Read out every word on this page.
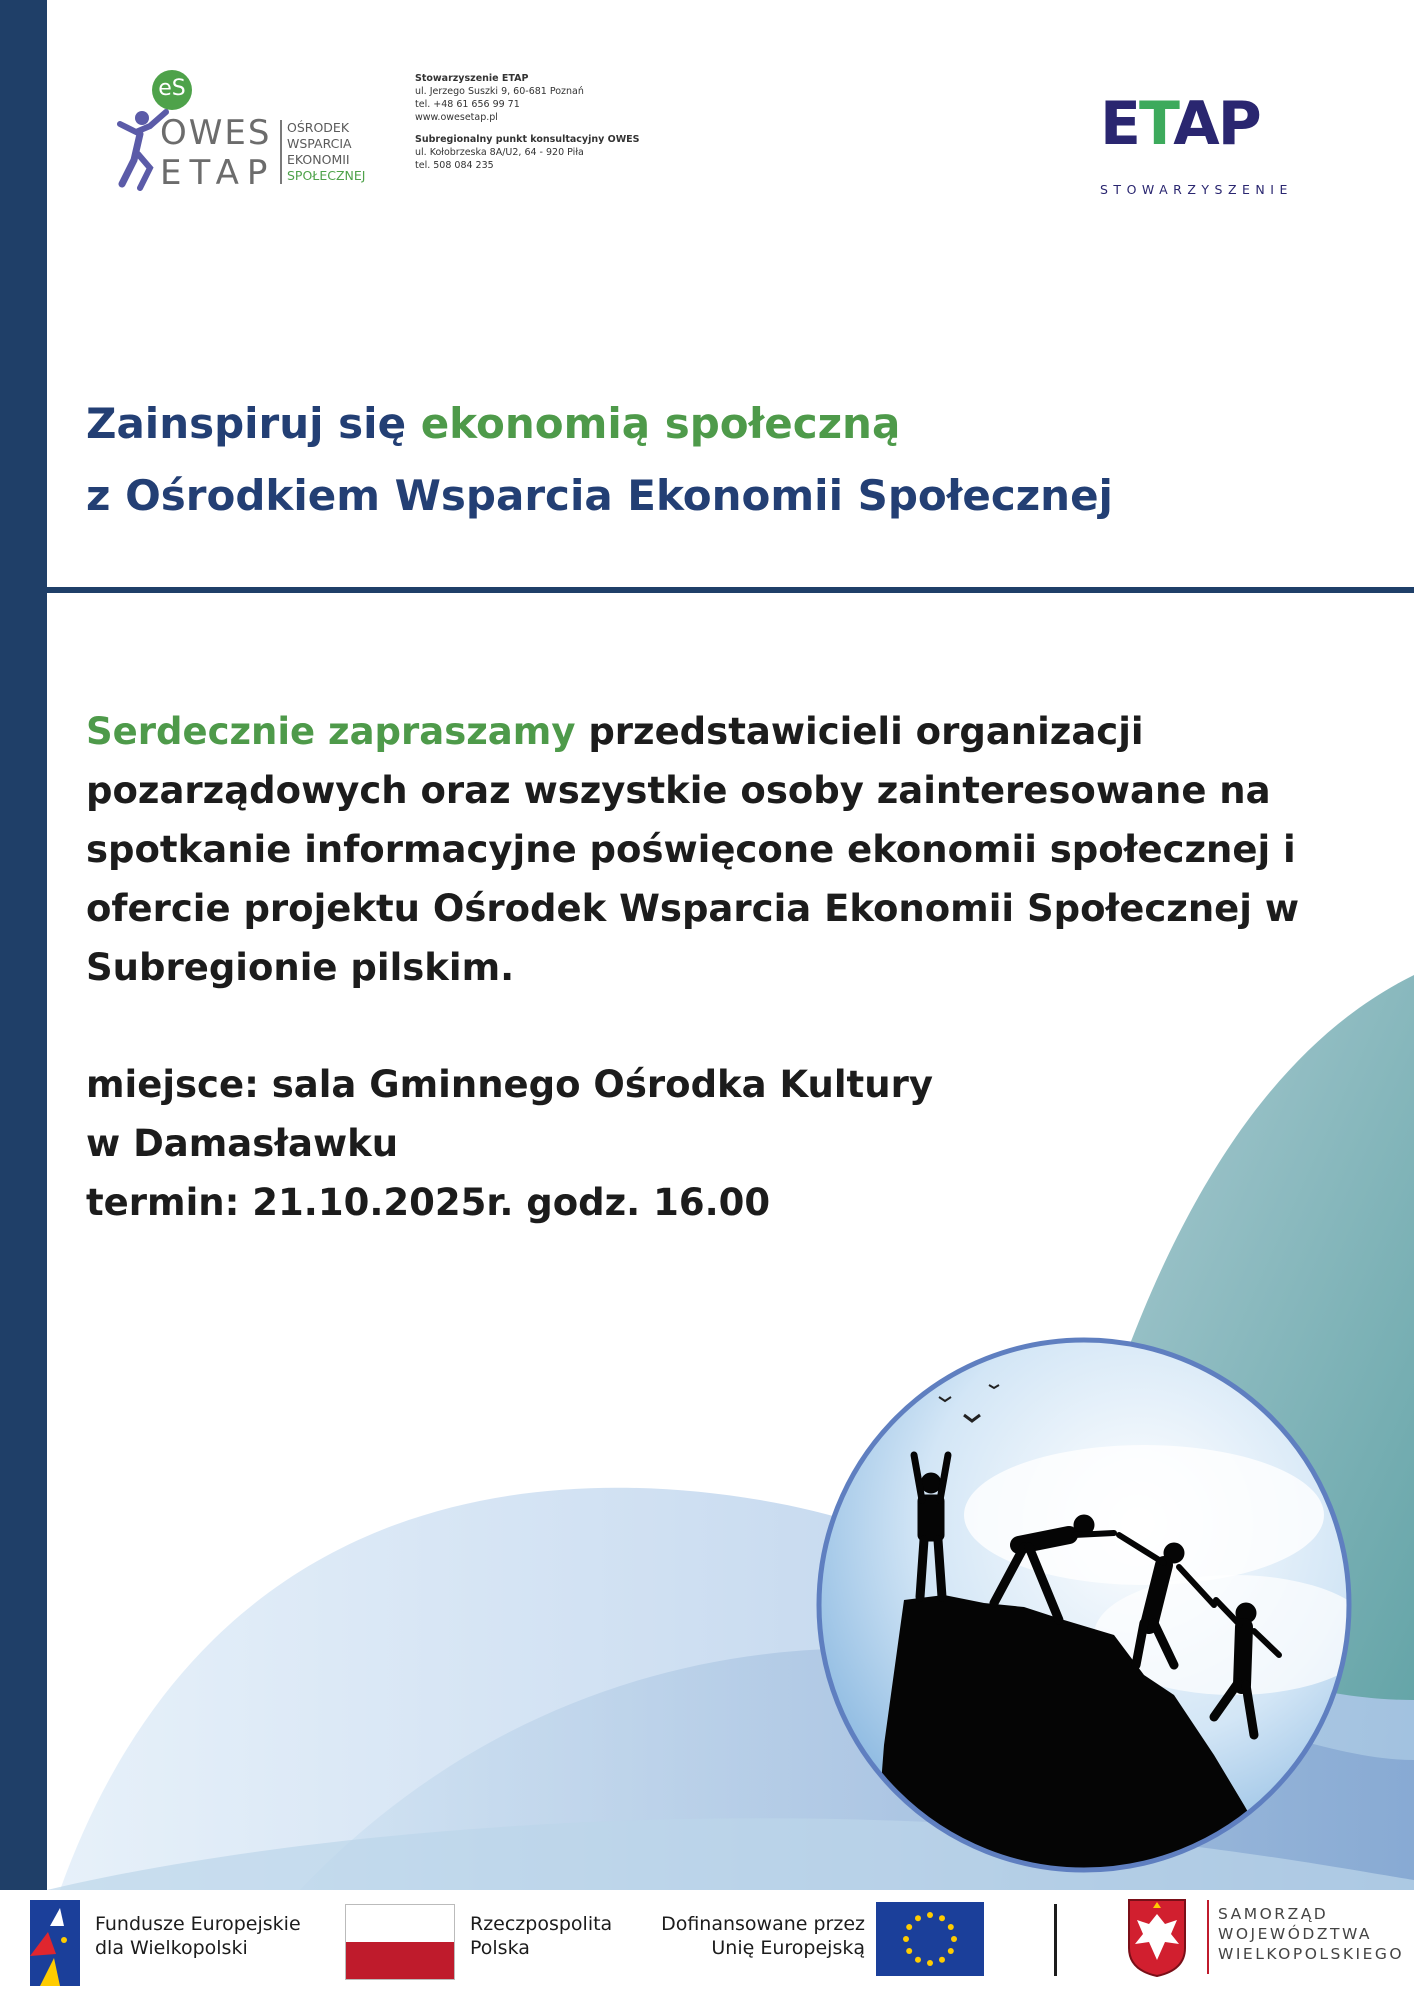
eS
OWES
ETAP
OŚRODEK
WSPARCIA
EKONOMII
SPOŁECZNEJ
Stowarzyszenie ETAP
ul. Jerzego Suszki 9, 60-681 Poznań
tel. +48 61 656 99 71
www.owesetap.pl
Subregionalny punkt konsultacyjny OWES
ul. Kołobrzeska 8A/U2, 64 - 920 Piła
tel. 508 084 235
ETAP
STOWARZYSZENIE
Zainspiruj się ekonomią społeczną
z Ośrodkiem Wsparcia Ekonomii Społecznej
Serdecznie zapraszamy przedstawicieli organizacji pozarządowych oraz wszystkie osoby zainteresowane na spotkanie informacyjne poświęcone ekonomii społecznej i ofercie projektu Ośrodek Wsparcia Ekonomii Społecznej w Subregionie pilskim.
miejsce: sala Gminnego Ośrodka Kultury
w Damasławku
termin: 21.10.2025r. godz. 16.00
Fundusze Europejskie
dla Wielkopolski
Rzeczpospolita
Polska
Dofinansowane przez
Unię Europejską
SAMORZĄD
WOJEWÓDZTWA
WIELKOPOLSKIEGO
